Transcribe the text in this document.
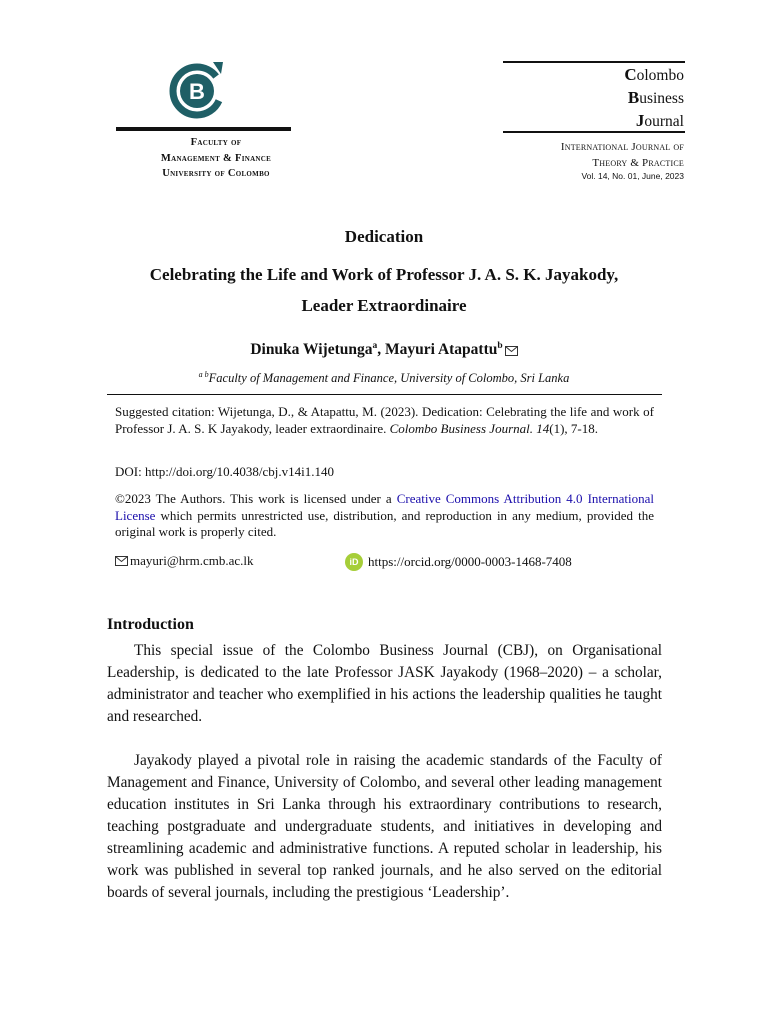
B
Faculty of
Management & Finance
University of Colombo
Colombo
Business
Journal
International Journal of
Theory & Practice
Vol. 14, No. 01, June, 2023
Dedication
Celebrating the Life and Work of Professor J. A. S. K. Jayakody,
Leader Extraordinaire
Dinuka Wijetunga$^a$, Mayuri Atapattu$^b$
$^{a b}$Faculty of Management and Finance, University of Colombo, Sri Lanka
Suggested citation: Wijetunga, D., & Atapattu, M. (2023). Dedication: Celebrating the life and work of Professor J. A. S. K Jayakody, leader extraordinaire. Colombo Business Journal. 14(1), 7-18.
DOI: http://doi.org/10.4038/cbj.v14i1.140
©2023 The Authors. This work is licensed under a Creative Commons Attribution 4.0 International License which permits unrestricted use, distribution, and reproduction in any medium, provided the original work is properly cited.
mayuri@hrm.cmb.ac.lk	iD https://orcid.org/0000-0003-1468-7408
Introduction

This special issue of the Colombo Business Journal (CBJ), on Organisational Leadership, is dedicated to the late Professor JASK Jayakody (1968–2020) – a scholar, administrator and teacher who exemplified in his actions the leadership qualities he taught and researched.

Jayakody played a pivotal role in raising the academic standards of the Faculty of Management and Finance, University of Colombo, and several other leading management education institutes in Sri Lanka through his extraordinary contributions to research, teaching postgraduate and undergraduate students, and initiatives in developing and streamlining academic and administrative functions. A reputed scholar in leadership, his work was published in several top ranked journals, and he also served on the editorial boards of several journals, including the prestigious ‘Leadership’.
